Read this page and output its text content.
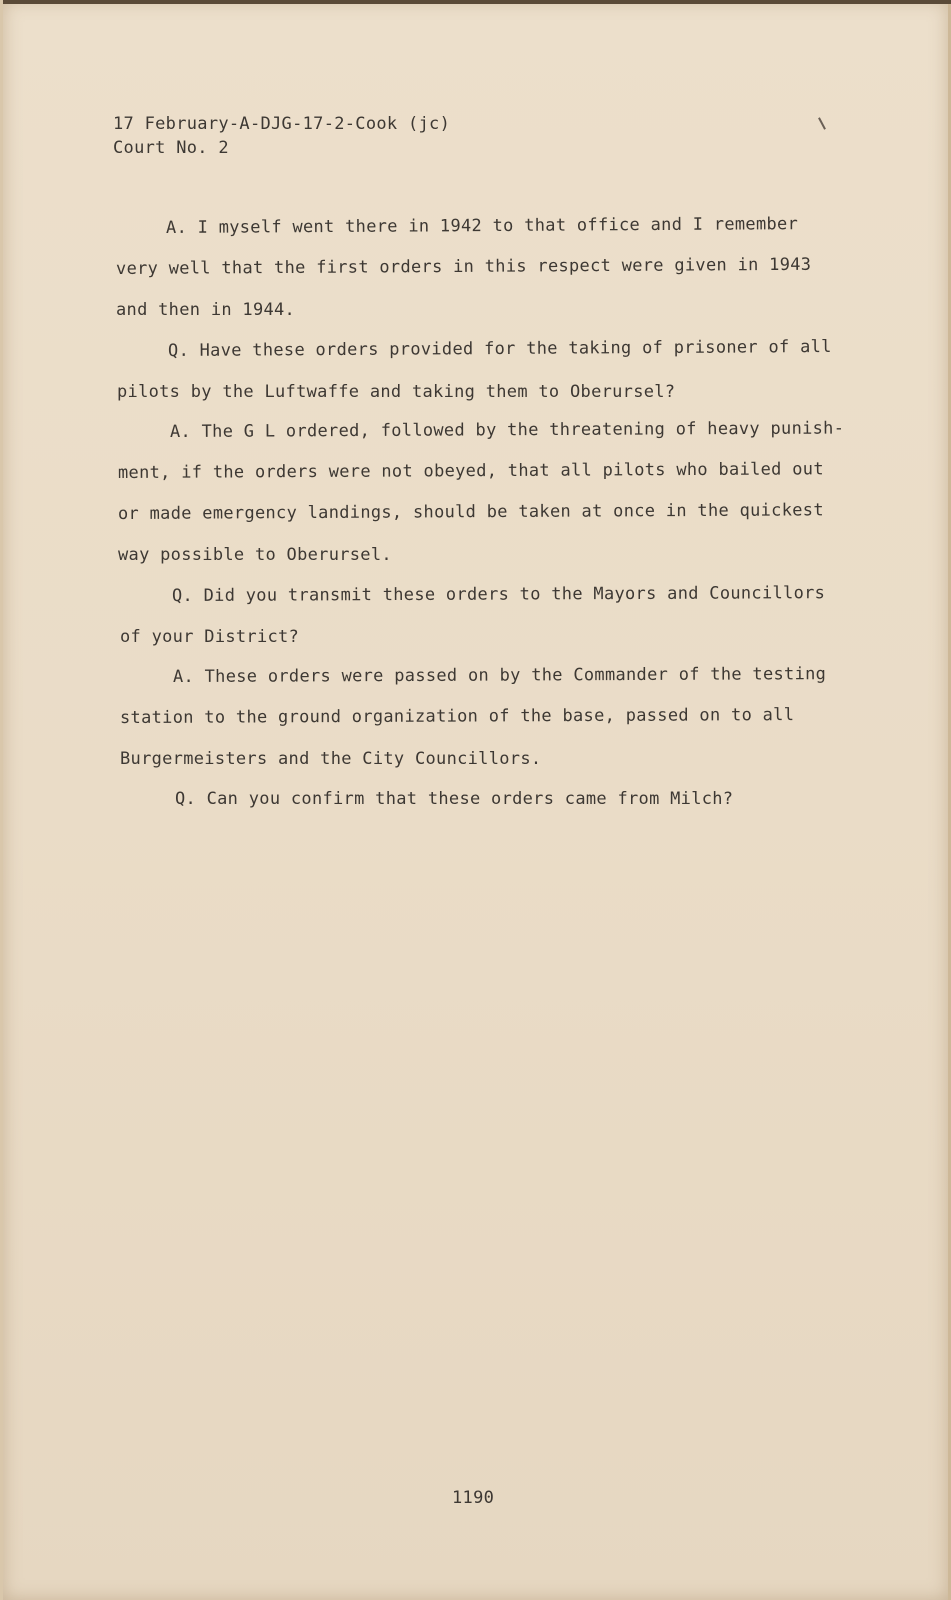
17 February-A-DJG-17-2-Cook (jc)
Court No. 2
A. I myself went there in 1942 to that office and I remember
very well that the first orders in this respect were given in 1943
and then in 1944.
Q. Have these orders provided for the taking of prisoner of all
pilots by the Luftwaffe and taking them to Oberursel?
A. The G L ordered, followed by the threatening of heavy punish-
ment, if the orders were not obeyed, that all pilots who bailed out
or made emergency landings, should be taken at once in the quickest
way possible to Oberursel.
Q. Did you transmit these orders to the Mayors and Councillors
of your District?
A. These orders were passed on by the Commander of the testing
station to the ground organization of the base, passed on to all
Burgermeisters and the City Councillors.
Q. Can you confirm that these orders came from Milch?
1190
